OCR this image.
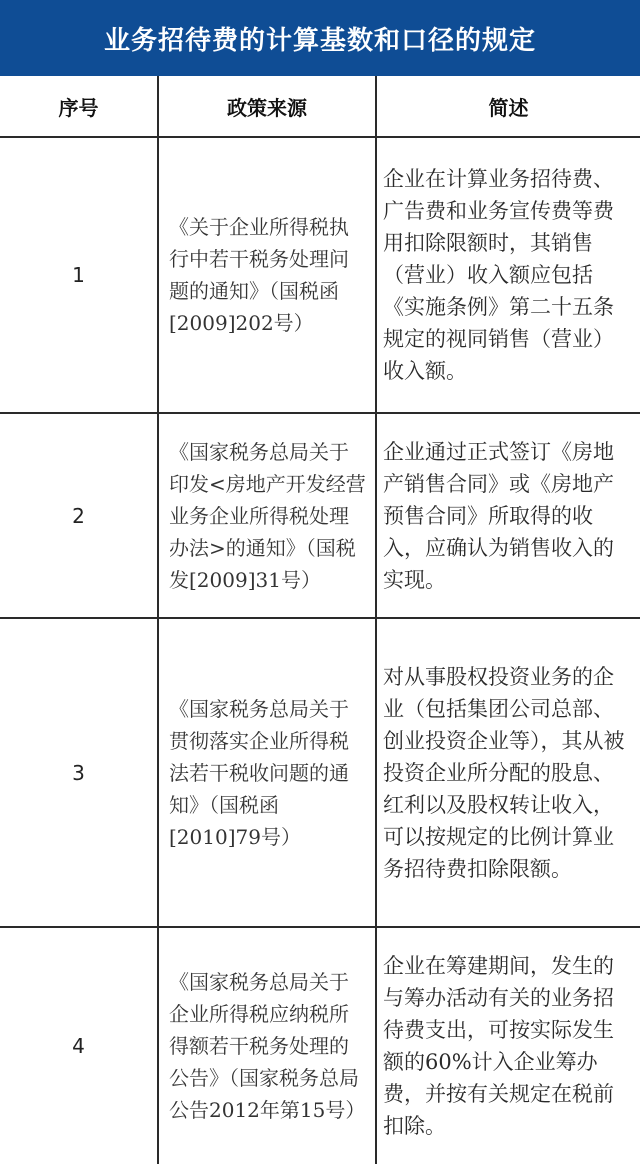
业务招待费的计算基数和口径的规定
序号	政策来源	简述
1	《关于企业所得税执行中若干税务处理问题的通知》（国税函[2009]202号）	企业在计算业务招待费、广告费和业务宣传费等费用扣除限额时，其销售（营业）收入额应包括《实施条例》第二十五条规定的视同销售（营业）收入额。
2	《国家税务总局关于印发<房地产开发经营业务企业所得税处理办法>的通知》（国税发[2009]31号）	企业通过正式签订《房地产销售合同》或《房地产预售合同》所取得的收入，应确认为销售收入的实现。
3	《国家税务总局关于贯彻落实企业所得税法若干税收问题的通知》（国税函[2010]79号）	对从事股权投资业务的企业（包括集团公司总部、创业投资企业等），其从被投资企业所分配的股息、红利以及股权转让收入，可以按规定的比例计算业务招待费扣除限额。
4	《国家税务总局关于企业所得税应纳税所得额若干税务处理的公告》（国家税务总局公告2012年第15号）	企业在筹建期间，发生的与筹办活动有关的业务招待费支出，可按实际发生额的60%计入企业筹办费，并按有关规定在税前扣除。
